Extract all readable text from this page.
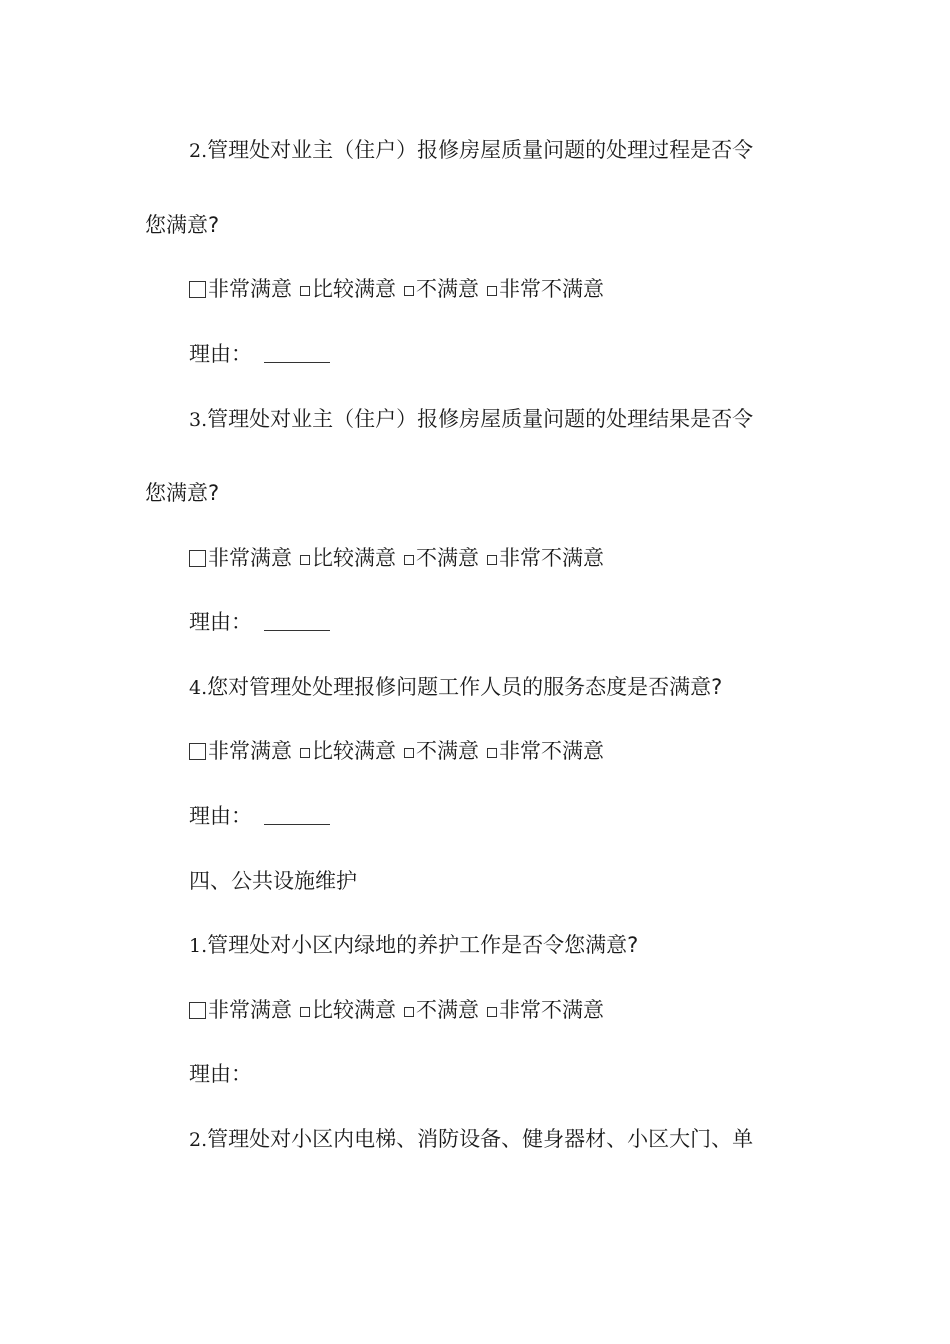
2.管理处对业主（住户）报修房屋质量问题的处理过程是否令
您满意?
非常满意 比较满意 不满意 非常不满意
理由：
3.管理处对业主（住户）报修房屋质量问题的处理结果是否令
您满意?
非常满意 比较满意 不满意 非常不满意
理由：
4.您对管理处处理报修问题工作人员的服务态度是否满意?
非常满意 比较满意 不满意 非常不满意
理由：
四、公共设施维护
1.管理处对小区内绿地的养护工作是否令您满意?
非常满意 比较满意 不满意 非常不满意
理由：
2.管理处对小区内电梯、消防设备、健身器材、小区大门、单
